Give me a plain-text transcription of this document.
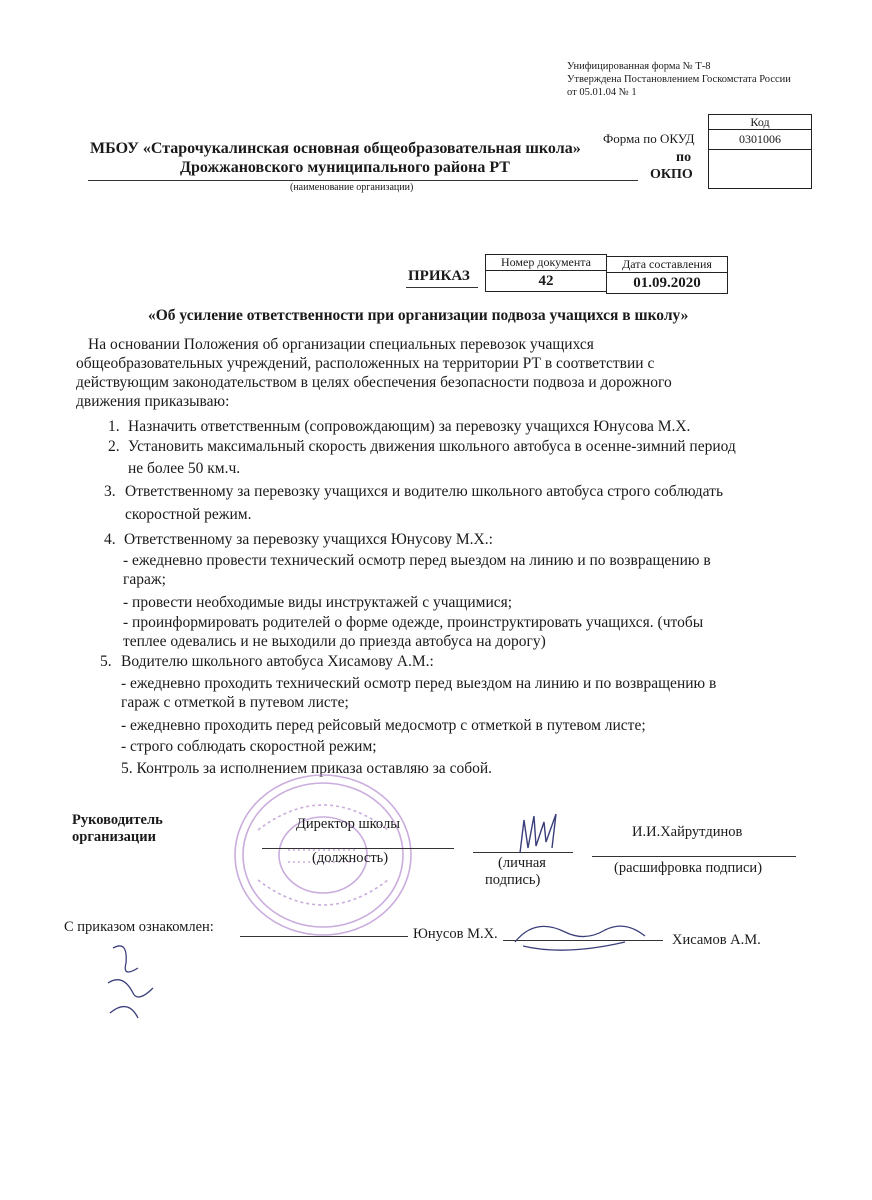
Унифицированная форма № Т-8
Утверждена Постановлением Госкомстата России
от 05.01.04 № 1
МБОУ «Старочукалинская основная общеобразовательная школа»
Дрожжановского муниципального района РТ
(наименование организации)
Код
0301006
Форма по ОКУД
по
ОКПО
ПРИКАЗ
Номер документа	Дата составления
42	01.09.2020
«Об усиление ответственности при организации подвоза учащихся в школу»
На основании Положения об организации специальных перевозок учащихся
общеобразовательных учреждений, расположенных на территории РТ в соответствии с
действующим законодательством в целях обеспечения безопасности подвоза и дорожного
движения приказываю:
1. Назначить ответственным (сопровождающим) за перевозку учащихся Юнусова М.Х.
2. Установить максимальный скорость движения школьного автобуса в осенне-зимний период
не более 50 км.ч.
3. Ответственному за перевозку учащихся и водителю школьного автобуса строго соблюдать
скоростной режим.
4. Ответственному за перевозку учащихся Юнусову М.Х.:
- ежедневно провести технический осмотр перед выездом на линию и по возвращению в
гараж;
- провести необходимые виды инструктажей с учащимися;
- проинформировать родителей о форме одежде, проинструктировать учащихся. (чтобы
теплее одевались и не выходили до приезда автобуса на дорогу)
5. Водителю школьного автобуса Хисамову А.М.:
- ежедневно проходить технический осмотр перед выездом на линию и по возвращению в
гараж с отметкой в путевом листе;
- ежедневно проходить перед рейсовый медосмотр с отметкой в путевом листе;
- строго соблюдать скоростной режим;
5. Контроль за исполнением приказа оставляю за собой.
Руководитель
организации
Директор школы
(должность)	(личная
подпись)
И.И.Хайрутдинов
(расшифровка подписи)
С приказом ознакомлен:	Юнусов М.Х.	Хисамов А.М.
